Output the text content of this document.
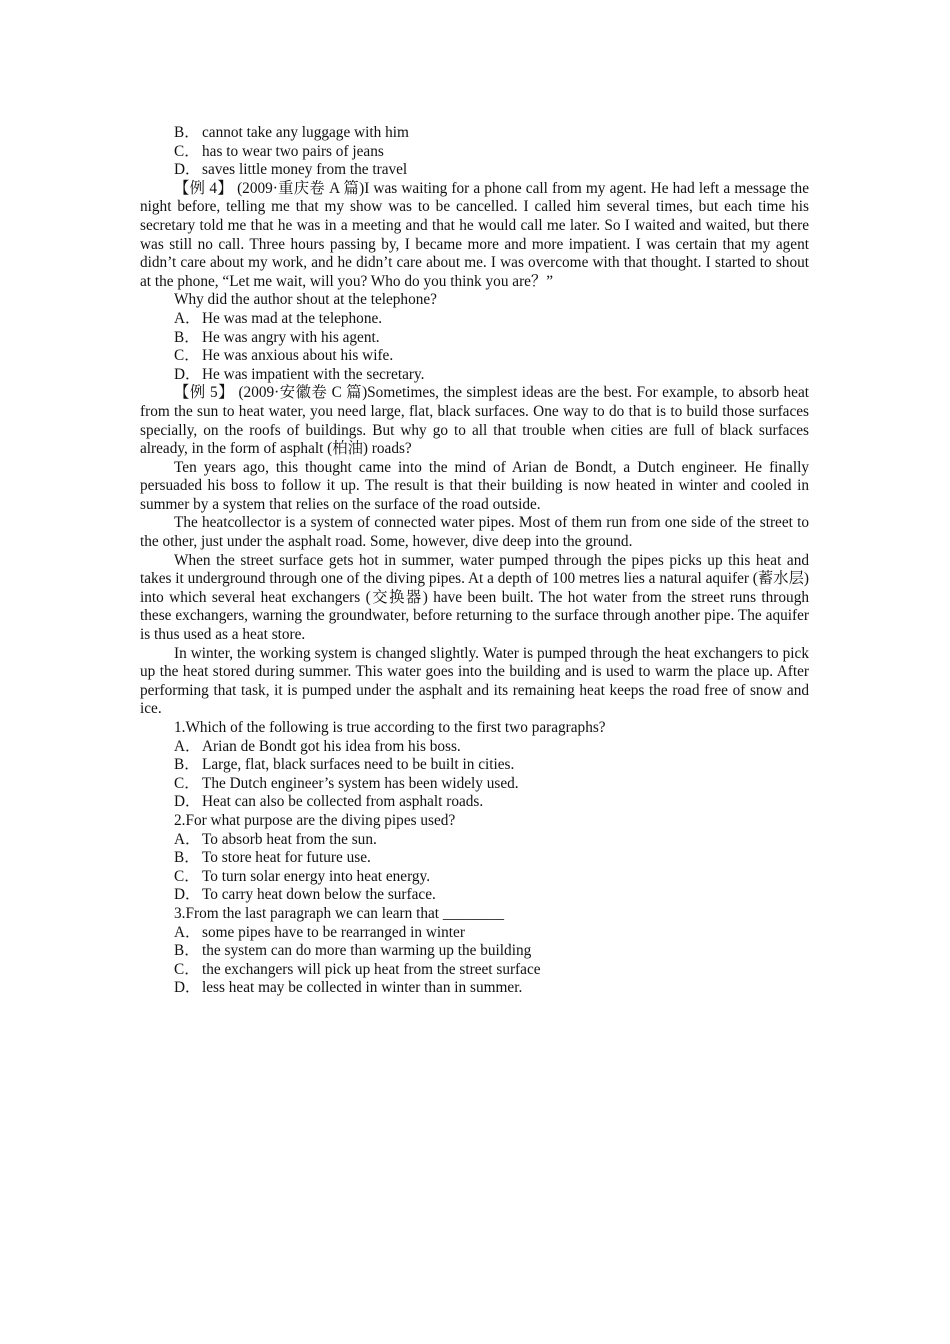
B． cannot take any luggage with him

C． has to wear two pairs of jeans

D． saves little money from the travel

【例 4】 (2009·重庆卷 A 篇)I was waiting for a phone call from my agent. He had left a message the night before, telling me that my show was to be cancelled. I called him several times, but each time his secretary told me that he was in a meeting and that he would call me later. So I waited and waited, but there was still no call. Three hours passing by, I became more and more impatient. I was certain that my agent didn’t care about my work, and he didn’t care about me. I was overcome with that thought. I started to shout at the phone, “Let me wait, will you? Who do you think you are？”

Why did the author shout at the telephone?

A． He was mad at the telephone.

B． He was angry with his agent.

C． He was anxious about his wife.

D． He was impatient with the secretary.

【例 5】 (2009·安徽卷 C 篇)Sometimes, the simplest ideas are the best. For example, to absorb heat from the sun to heat water, you need large, flat, black surfaces. One way to do that is to build those surfaces specially, on the roofs of buildings. But why go to all that trouble when cities are full of black surfaces already, in the form of asphalt (柏油) roads?

Ten years ago, this thought came into the mind of Arian de Bondt, a Dutch engineer. He finally persuaded his boss to follow it up. The result is that their building is now heated in winter and cooled in summer by a system that relies on the surface of the road outside.

The heatcollector is a system of connected water pipes. Most of them run from one side of the street to the other, just under the asphalt road. Some, however, dive deep into the ground.

When the street surface gets hot in summer, water pumped through the pipes picks up this heat and takes it underground through one of the diving pipes. At a depth of 100 metres lies a natural aquifer (蓄水层) into which several heat exchangers (交换器) have been built. The hot water from the street runs through these exchangers, warning the groundwater, before returning to the surface through another pipe. The aquifer is thus used as a heat store.

In winter, the working system is changed slightly. Water is pumped through the heat exchangers to pick up the heat stored during summer. This water goes into the building and is used to warm the place up. After performing that task, it is pumped under the asphalt and its remaining heat keeps the road free of snow and ice.

1.Which of the following is true according to the first two paragraphs?

A． Arian de Bondt got his idea from his boss.

B． Large, flat, black surfaces need to be built in cities.

C． The Dutch engineer’s system has been widely used.

D． Heat can also be collected from asphalt roads.

2.For what purpose are the diving pipes used?

A． To absorb heat from the sun.

B． To store heat for future use.

C． To turn solar energy into heat energy.

D． To carry heat down below the surface.

3.From the last paragraph we can learn that ________

A． some pipes have to be rearranged in winter

B． the system can do more than warming up the building

C． the exchangers will pick up heat from the street surface

D． less heat may be collected in winter than in summer.
